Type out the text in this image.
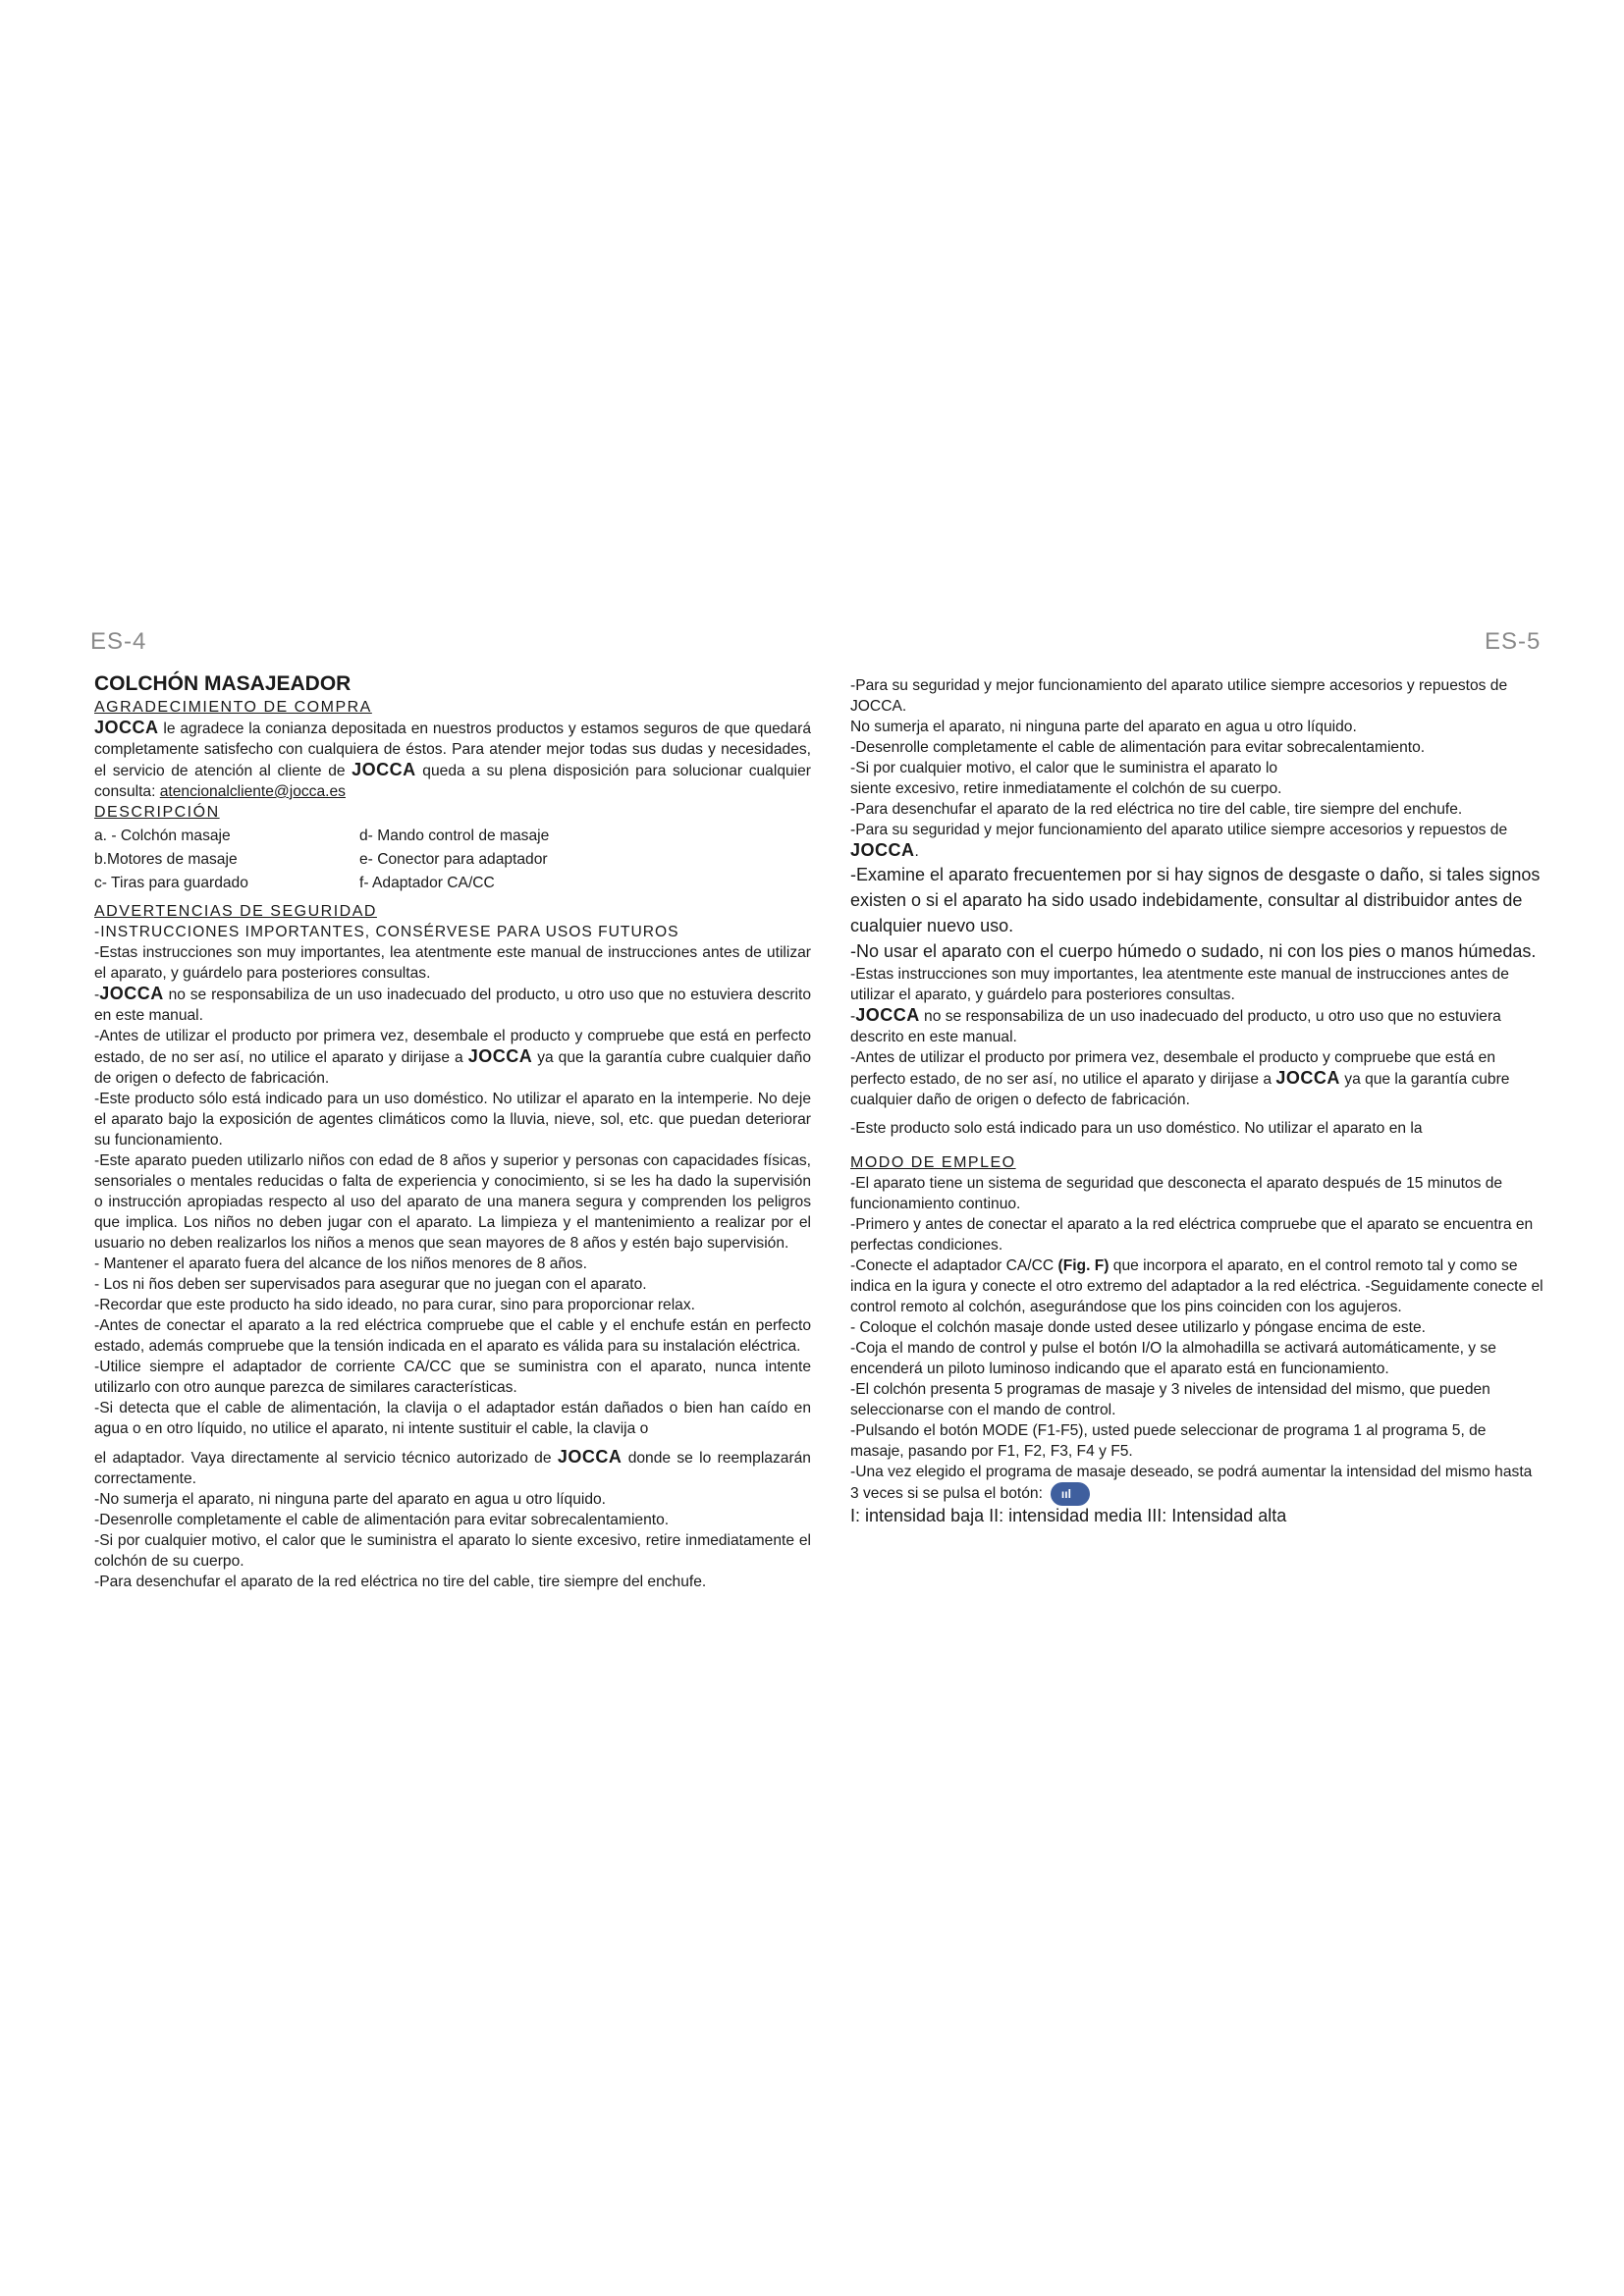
ES-4	ES-5

COLCHÓN MASAJEADOR

AGRADECIMIENTO DE COMPRA

JOCCA le agradece la conianza depositada en nuestros productos y estamos seguros de que quedará completamente satisfecho con cualquiera de éstos. Para atender mejor todas sus dudas y necesidades, el servicio de atención al cliente de JOCCA queda a su plena disposición para solucionar cualquier consulta: atencionalcliente@jocca.es

DESCRIPCIÓN

a. - Colchón masaje	d- Mando control de masaje
b.Motores de masaje	e- Conector para adaptador
c- Tiras para guardado	f- Adaptador CA/CC

ADVERTENCIAS DE SEGURIDAD

-INSTRUCCIONES IMPORTANTES, CONSÉRVESE PARA USOS FUTUROS

-Estas instrucciones son muy importantes, lea atentmente este manual de instrucciones antes de utilizar el aparato, y guárdelo para posteriores consultas.

-JOCCA no se responsabiliza de un uso inadecuado del producto, u otro uso que no estuviera descrito en este manual.

-Antes de utilizar el producto por primera vez, desembale el producto y compruebe que está en perfecto estado, de no ser así, no utilice el aparato y dirijase a JOCCA ya que la garantía cubre cualquier daño de origen o defecto de fabricación.

-Este producto sólo está indicado para un uso doméstico. No utilizar el aparato en la intemperie. No deje el aparato bajo la exposición de agentes climáticos como la lluvia, nieve, sol, etc. que puedan deteriorar su funcionamiento.

-Este aparato pueden utilizarlo niños con edad de 8 años y superior y personas con capacidades físicas, sensoriales o mentales reducidas o falta de experiencia y conocimiento, si se les ha dado la supervisión o instrucción apropiadas respecto al uso del aparato de una manera segura y comprenden los peligros que implica. Los niños no deben jugar con el aparato. La limpieza y el mantenimiento a realizar por el usuario no deben realizarlos los niños a menos que sean mayores de 8 años y estén bajo supervisión.

- Mantener el aparato fuera del alcance de los niños menores de 8 años.

- Los ni ños deben ser supervisados para asegurar que no juegan con el aparato.

-Recordar que este producto ha sido ideado, no para curar, sino para proporcionar relax.

-Antes de conectar el aparato a la red eléctrica compruebe que el cable y el enchufe están en perfecto estado, además compruebe que la tensión indicada en el aparato es válida para su instalación eléctrica.

-Utilice siempre el adaptador de corriente CA/CC que se suministra con el aparato, nunca intente utilizarlo con otro aunque parezca de similares características.

-Si detecta que el cable de alimentación, la clavija o el adaptador están dañados o bien han caído en agua o en otro líquido, no utilice el aparato, ni intente sustituir el cable, la clavija o

el adaptador. Vaya directamente al servicio técnico autorizado de JOCCA donde se lo reemplazarán correctamente.

-No sumerja el aparato, ni ninguna parte del aparato en agua u otro líquido.

-Desenrolle completamente el cable de alimentación para evitar sobrecalentamiento.

-Si por cualquier motivo, el calor que le suministra el aparato lo siente excesivo, retire inmediatamente el colchón de su cuerpo.

-Para desenchufar el aparato de la red eléctrica no tire del cable, tire siempre del enchufe.

-Para su seguridad y mejor funcionamiento del aparato utilice siempre accesorios y repuestos de JOCCA.

No sumerja el aparato, ni ninguna parte del aparato en agua u otro líquido.

-Desenrolle completamente el cable de alimentación para evitar sobrecalentamiento.

-Si por cualquier motivo, el calor que le suministra el aparato lo

siente excesivo, retire inmediatamente el colchón de su cuerpo.

-Para desenchufar el aparato de la red eléctrica no tire del cable, tire siempre del enchufe.

-Para su seguridad y mejor funcionamiento del aparato utilice siempre accesorios y repuestos de JOCCA.

-Examine el aparato frecuentemen por si hay signos de desgaste o daño, si tales signos existen o si el aparato ha sido usado indebidamente, consultar al distribuidor antes de cualquier nuevo uso.

-No usar el aparato con el cuerpo húmedo o sudado, ni con los pies o manos húmedas.

-Estas instrucciones son muy importantes, lea atentmente este manual de instrucciones antes de utilizar el aparato, y guárdelo para posteriores consultas.

-JOCCA no se responsabiliza de un uso inadecuado del producto, u otro uso que no estuviera descrito en este manual.

-Antes de utilizar el producto por primera vez, desembale el producto y compruebe que está en perfecto estado, de no ser así, no utilice el aparato y dirijase a JOCCA ya que la garantía cubre cualquier daño de origen o defecto de fabricación.

-Este producto solo está indicado para un uso doméstico. No utilizar el aparato en la

MODO DE EMPLEO

-El aparato tiene un sistema de seguridad que desconecta el aparato después de 15 minutos de funcionamiento continuo.

-Primero y antes de conectar el aparato a la red eléctrica compruebe que el aparato se encuentra en perfectas condiciones.

-Conecte el adaptador CA/CC (Fig. F) que incorpora el aparato, en el control remoto tal y como se indica en la igura y conecte el otro extremo del adaptador a la red eléctrica. -Seguidamente conecte el control remoto al colchón, asegurándose que los pins coinciden con los agujeros.

- Coloque el colchón masaje donde usted desee utilizarlo y póngase encima de este.

-Coja el mando de control y pulse el botón I/O la almohadilla se activará automáticamente, y se encenderá un piloto luminoso indicando que el aparato está en funcionamiento.

-El colchón presenta 5 programas de masaje y 3 niveles de intensidad del mismo, que pueden seleccionarse con el mando de control.

-Pulsando el botón MODE (F1-F5), usted puede seleccionar de programa 1 al programa 5, de masaje, pasando por F1, F2, F3, F4 y F5.

-Una vez elegido el programa de masaje deseado, se podrá aumentar la intensidad del mismo hasta 3 veces si se pulsa el botón:ııl

I: intensidad baja II: intensidad media III: Intensidad alta
